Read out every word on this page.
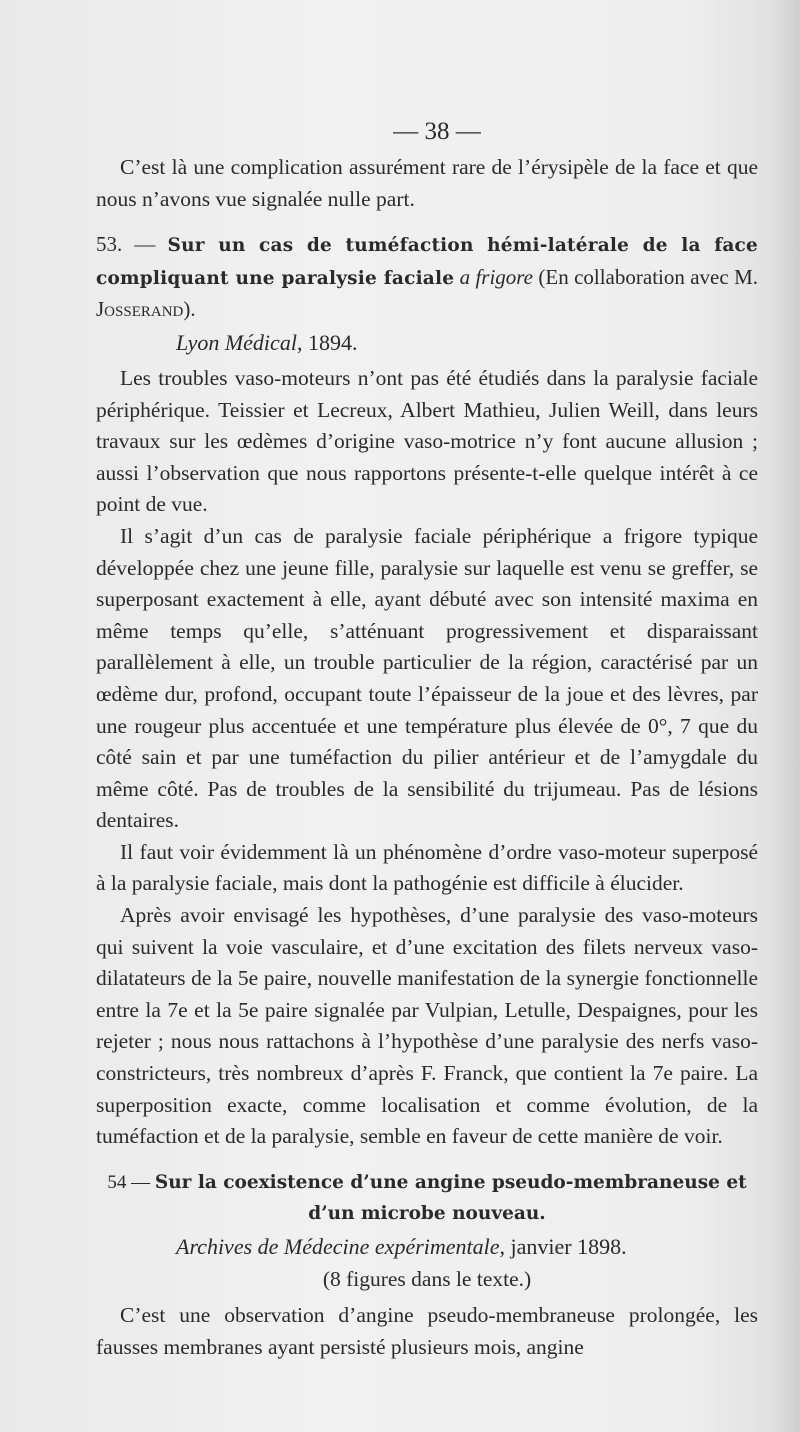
— 38 —

C’est là une complication assurément rare de l’érysipèle de la face et que nous n’avons vue signalée nulle part.

53. — Sur un cas de tuméfaction hémi-latérale de la face compliquant une paralysie faciale a frigore (En collaboration avec M. Josserand).

Lyon Médical, 1894.

Les troubles vaso-moteurs n’ont pas été étudiés dans la paralysie faciale périphérique. Teissier et Lecreux, Albert Mathieu, Julien Weill, dans leurs travaux sur les œdèmes d’origine vaso-motrice n’y font aucune allusion ; aussi l’observation que nous rapportons présente-t-elle quelque intérêt à ce point de vue.

Il s’agit d’un cas de paralysie faciale périphérique a frigore typique développée chez une jeune fille, paralysie sur laquelle est venu se greffer, se superposant exactement à elle, ayant débuté avec son intensité maxima en même temps qu’elle, s’atténuant progressivement et disparaissant parallèlement à elle, un trouble particulier de la région, caractérisé par un œdème dur, profond, occupant toute l’épaisseur de la joue et des lèvres, par une rougeur plus accentuée et une température plus élevée de 0°, 7 que du côté sain et par une tuméfaction du pilier antérieur et de l’amygdale du même côté. Pas de troubles de la sensibilité du trijumeau. Pas de lésions dentaires.

Il faut voir évidemment là un phénomène d’ordre vaso-moteur superposé à la paralysie faciale, mais dont la pathogénie est difficile à élucider.

Après avoir envisagé les hypothèses, d’une paralysie des vaso-moteurs qui suivent la voie vasculaire, et d’une excitation des filets nerveux vaso-dilatateurs de la 5e paire, nouvelle manifestation de la synergie fonctionnelle entre la 7e et la 5e paire signalée par Vulpian, Letulle, Despaignes, pour les rejeter ; nous nous rattachons à l’hypothèse d’une paralysie des nerfs vaso-constricteurs, très nombreux d’après F. Franck, que contient la 7e paire. La superposition exacte, comme localisation et comme évolution, de la tuméfaction et de la paralysie, semble en faveur de cette manière de voir.

54 — Sur la coexistence d’une angine pseudo-membraneuse et d’un microbe nouveau.

Archives de Médecine expérimentale, janvier 1898.

(8 figures dans le texte.)

C’est une observation d’angine pseudo-membraneuse prolongée, les fausses membranes ayant persisté plusieurs mois, angine
